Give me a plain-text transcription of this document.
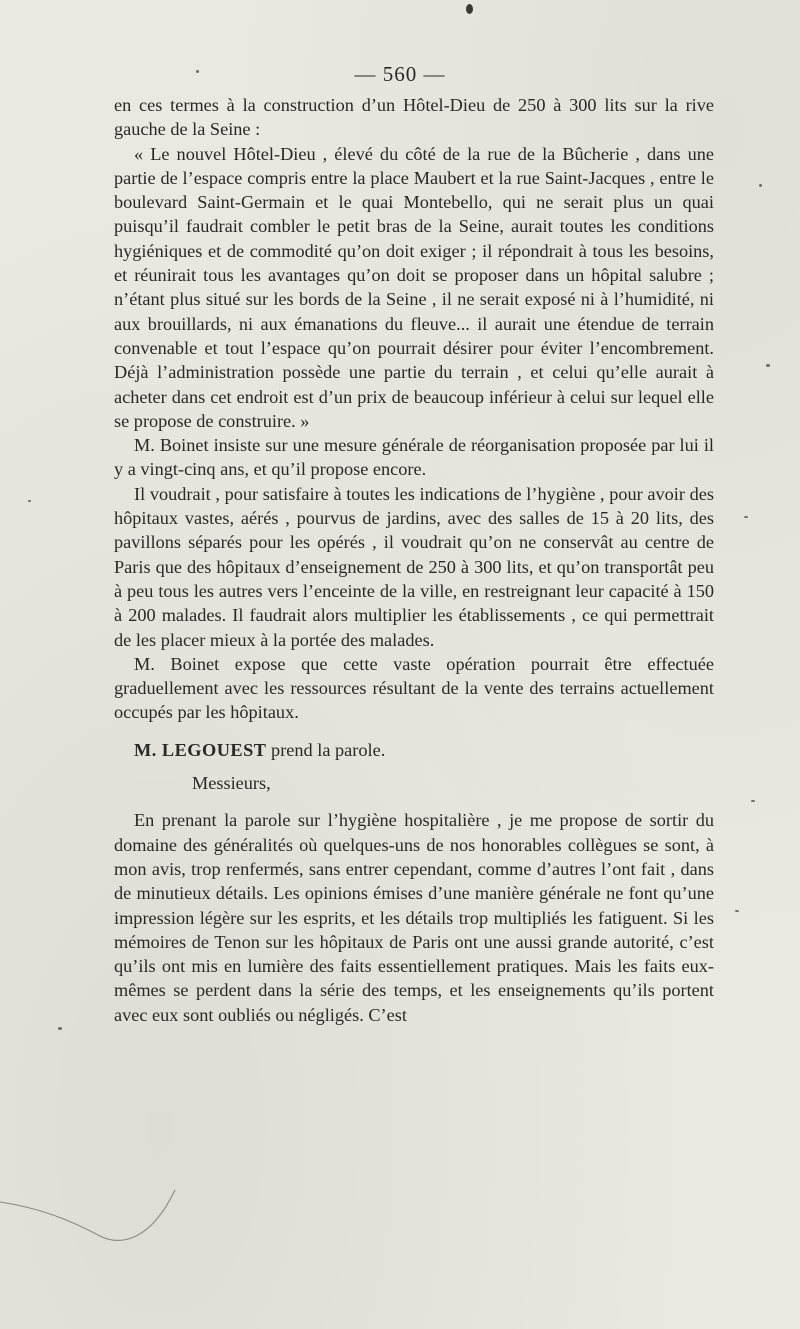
— 560 —

en ces termes à la construction d’un Hôtel-Dieu de 250 à 300 lits sur la rive gauche de la Seine :

« Le nouvel Hôtel-Dieu , élevé du côté de la rue de la Bûcherie , dans une partie de l’espace compris entre la place Maubert et la rue Saint-Jacques , entre le boulevard Saint-Germain et le quai Montebello, qui ne serait plus un quai puisqu’il faudrait combler le petit bras de la Seine, aurait toutes les conditions hygiéniques et de commodité qu’on doit exiger ; il répondrait à tous les besoins, et réunirait tous les avantages qu’on doit se proposer dans un hôpital salubre ; n’étant plus situé sur les bords de la Seine , il ne serait exposé ni à l’humidité, ni aux brouillards, ni aux émanations du fleuve... il aurait une étendue de terrain convenable et tout l’espace qu’on pourrait désirer pour éviter l’encombrement. Déjà l’administration possède une partie du terrain , et celui qu’elle aurait à acheter dans cet endroit est d’un prix de beaucoup inférieur à celui sur lequel elle se propose de construire. »

M. Boinet insiste sur une mesure générale de réorganisation proposée par lui il y a vingt-cinq ans, et qu’il propose encore.

Il voudrait , pour satisfaire à toutes les indications de l’hygiène , pour avoir des hôpitaux vastes, aérés , pourvus de jardins, avec des salles de 15 à 20 lits, des pavillons séparés pour les opérés , il voudrait qu’on ne conservât au centre de Paris que des hôpitaux d’enseignement de 250 à 300 lits, et qu’on transportât peu à peu tous les autres vers l’enceinte de la ville, en restreignant leur capacité à 150 à 200 malades. Il faudrait alors multiplier les établissements , ce qui permettrait de les placer mieux à la portée des malades.

M. Boinet expose que cette vaste opération pourrait être effectuée graduellement avec les ressources résultant de la vente des terrains actuellement occupés par les hôpitaux.

M. LEGOUEST prend la parole.

Messieurs,

En prenant la parole sur l’hygiène hospitalière , je me propose de sortir du domaine des généralités où quelques-uns de nos honorables collègues se sont, à mon avis, trop renfermés, sans entrer cependant, comme d’autres l’ont fait , dans de minutieux détails. Les opinions émises d’une manière générale ne font qu’une impression légère sur les esprits, et les détails trop multipliés les fatiguent. Si les mémoires de Tenon sur les hôpitaux de Paris ont une aussi grande autorité, c’est qu’ils ont mis en lumière des faits essentiellement pratiques. Mais les faits eux-mêmes se perdent dans la série des temps, et les enseignements qu’ils portent avec eux sont oubliés ou négligés. C’est
